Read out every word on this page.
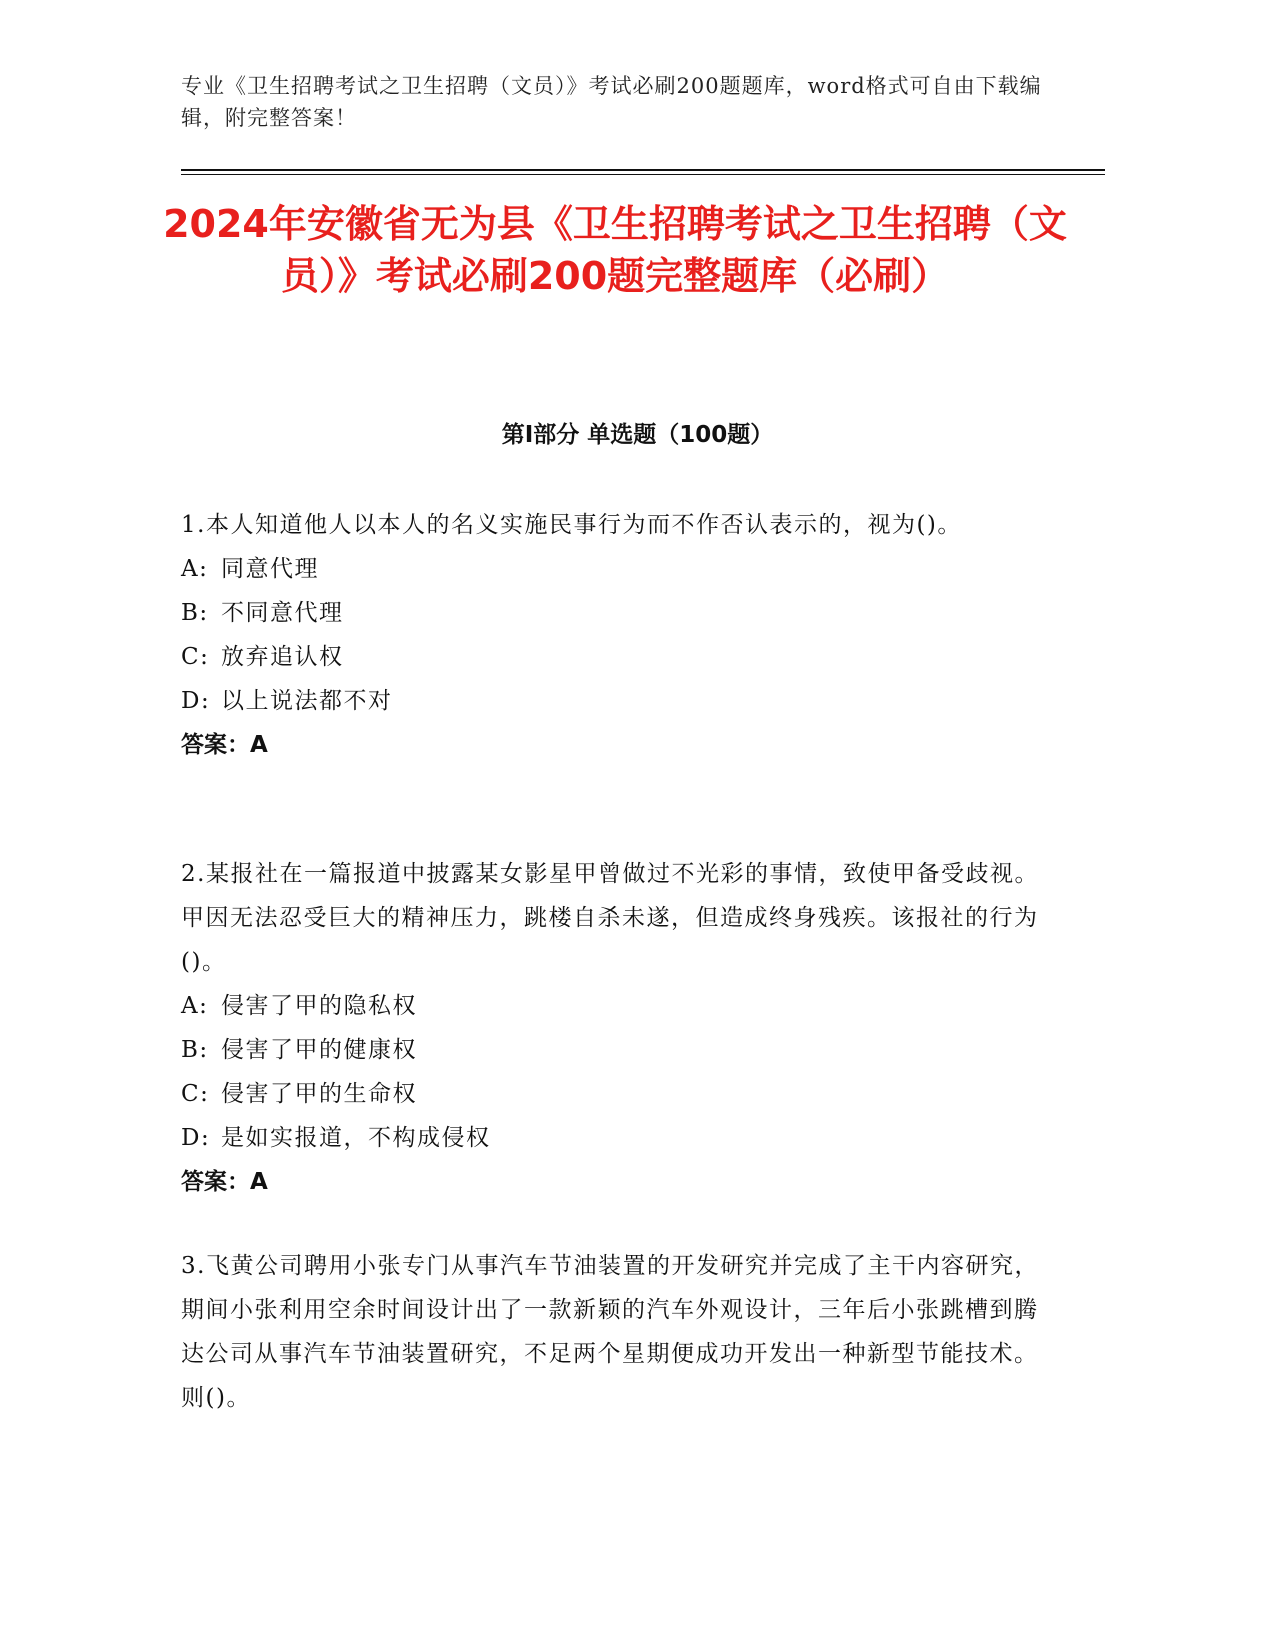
专业《卫生招聘考试之卫生招聘（文员）》考试必刷200题题库，word格式可自由下载编辑，附完整答案！
2024年安徽省无为县《卫生招聘考试之卫生招聘（文员）》考试必刷200题完整题库（必刷）
第Ⅰ部分 单选题（100题）
1.本人知道他人以本人的名义实施民事行为而不作否认表示的，视为()。
A: 同意代理
B: 不同意代理
C: 放弃追认权
D: 以上说法都不对
答案：A
2.某报社在一篇报道中披露某女影星甲曾做过不光彩的事情，致使甲备受歧视。甲因无法忍受巨大的精神压力，跳楼自杀未遂，但造成终身残疾。该报社的行为()。
A: 侵害了甲的隐私权
B: 侵害了甲的健康权
C: 侵害了甲的生命权
D: 是如实报道，不构成侵权
答案：A
3.飞黄公司聘用小张专门从事汽车节油装置的开发研究并完成了主干内容研究，期间小张利用空余时间设计出了一款新颖的汽车外观设计，三年后小张跳槽到腾达公司从事汽车节油装置研究，不足两个星期便成功开发出一种新型节能技术。则()。
